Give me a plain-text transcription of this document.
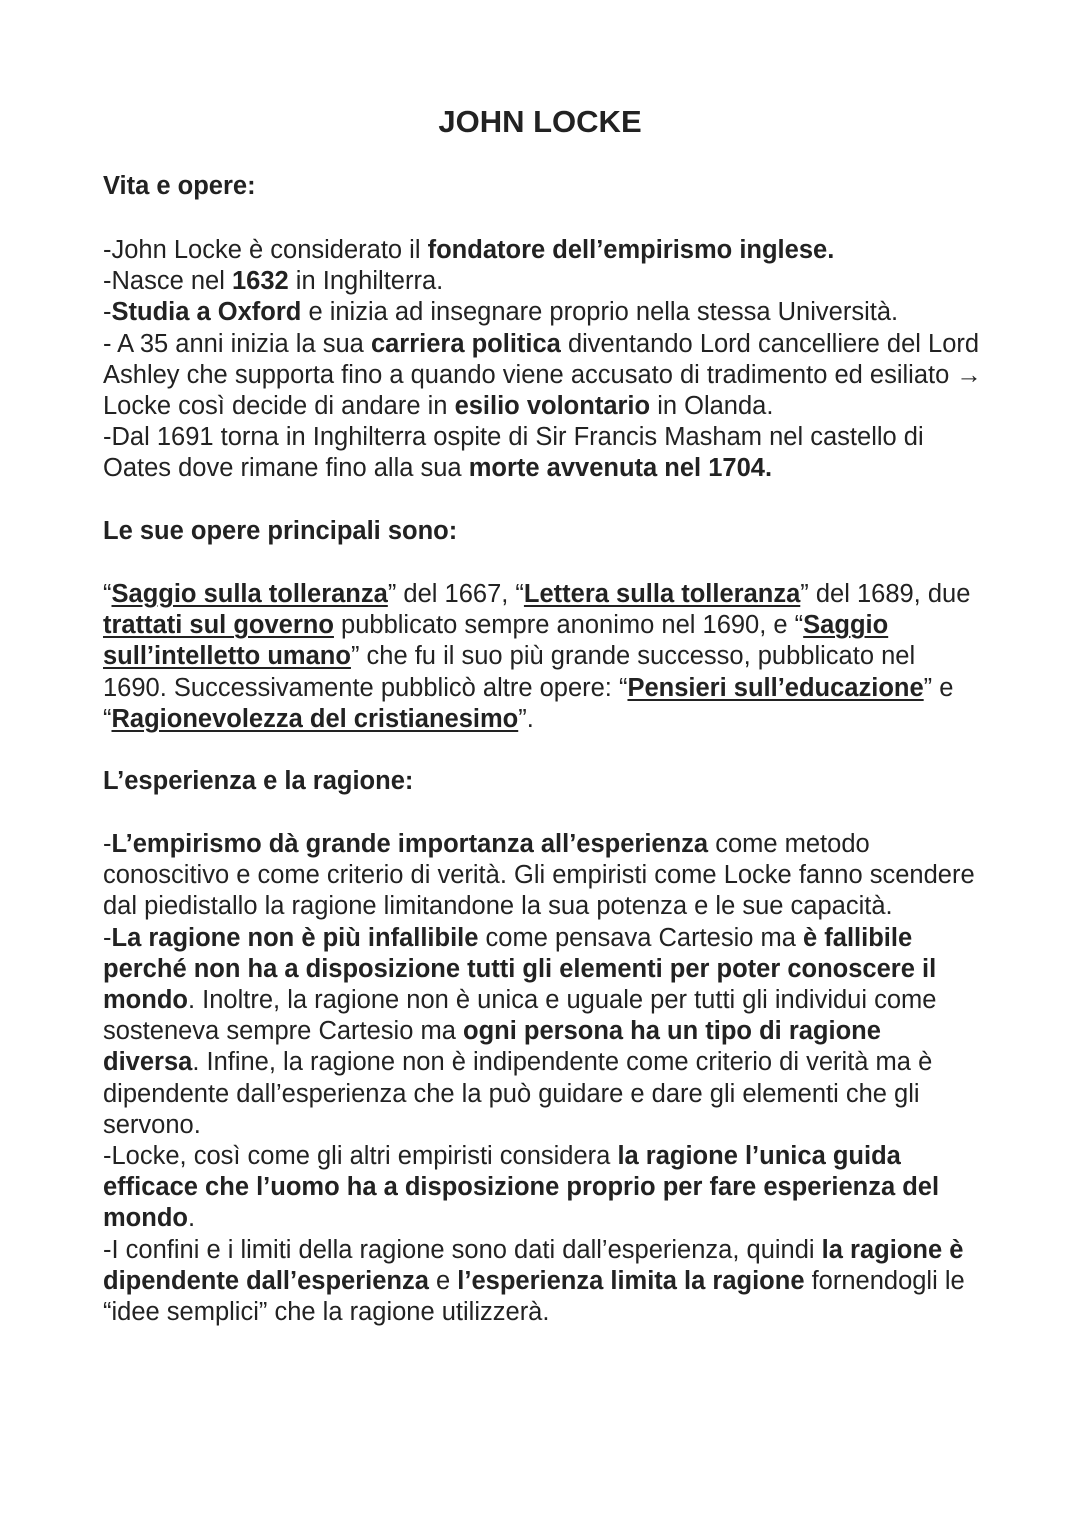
JOHN LOCKE

Vita e opere:

-John Locke è considerato il fondatore dell’empirismo inglese.

-Nasce nel 1632 in Inghilterra.

-Studia a Oxford e inizia ad insegnare proprio nella stessa Università.

- A 35 anni inizia la sua carriera politica diventando Lord cancelliere del Lord Ashley che supporta fino a quando viene accusato di tradimento ed esiliato → Locke così decide di andare in esilio volontario in Olanda.

-Dal 1691 torna in Inghilterra ospite di Sir Francis Masham nel castello di Oates dove rimane fino alla sua morte avvenuta nel 1704.

Le sue opere principali sono:

“Saggio sulla tolleranza” del 1667, “Lettera sulla tolleranza” del 1689, due trattati sul governo pubblicato sempre anonimo nel 1690, e “Saggio sull’intelletto umano” che fu il suo più grande successo, pubblicato nel 1690. Successivamente pubblicò altre opere: “Pensieri sull’educazione” e “Ragionevolezza del cristianesimo”.

L’esperienza e la ragione:

-L’empirismo dà grande importanza all’esperienza come metodo conoscitivo e come criterio di verità. Gli empiristi come Locke fanno scendere dal piedistallo la ragione limitandone la sua potenza e le sue capacità.

-La ragione non è più infallibile come pensava Cartesio ma è fallibile perché non ha a disposizione tutti gli elementi per poter conoscere il mondo. Inoltre, la ragione non è unica e uguale per tutti gli individui come sosteneva sempre Cartesio ma ogni persona ha un tipo di ragione diversa. Infine, la ragione non è indipendente come criterio di verità ma è dipendente dall’esperienza che la può guidare e dare gli elementi che gli servono.

-Locke, così come gli altri empiristi considera la ragione l’unica guida efficace che l’uomo ha a disposizione proprio per fare esperienza del mondo.

-I confini e i limiti della ragione sono dati dall’esperienza, quindi la ragione è dipendente dall’esperienza e l’esperienza limita la ragione fornendogli le “idee semplici” che la ragione utilizzerà.
